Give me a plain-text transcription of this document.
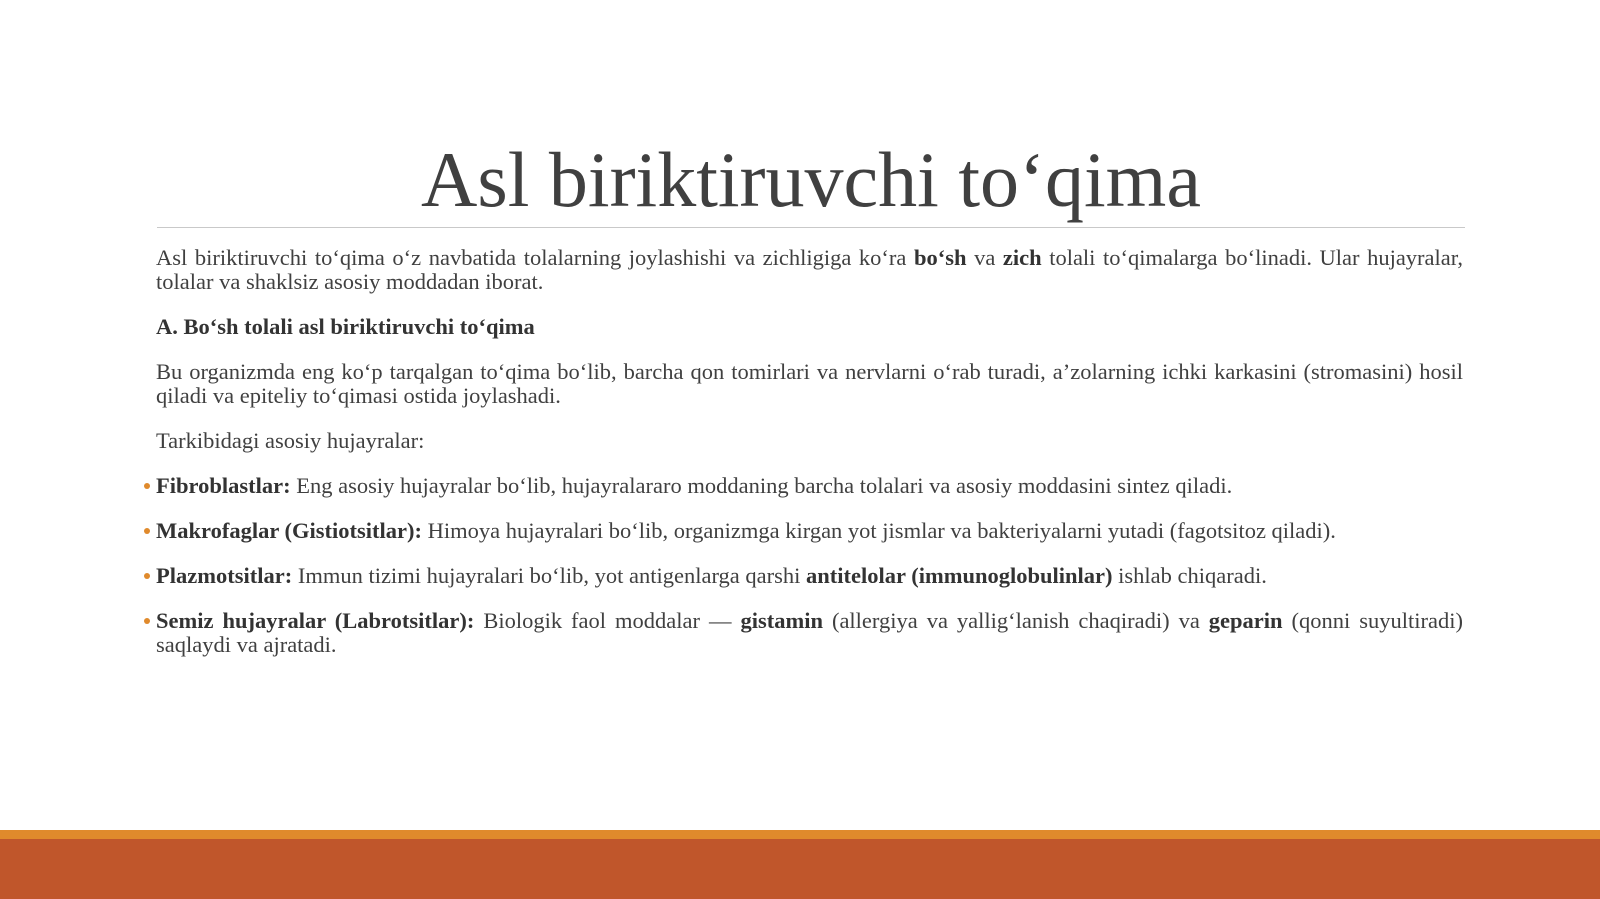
Asl biriktiruvchi to‘qima

Asl biriktiruvchi to‘qima o‘z navbatida tolalarning joylashishi va zichligiga ko‘ra bo‘sh va zich tolali to‘qimalarga bo‘linadi. Ular hujayralar, tolalar va shaklsiz asosiy moddadan iborat.

A. Bo‘sh tolali asl biriktiruvchi to‘qima

Bu organizmda eng ko‘p tarqalgan to‘qima bo‘lib, barcha qon tomirlari va nervlarni o‘rab turadi, a’zolarning ichki karkasini (stromasini) hosil qiladi va epiteliy to‘qimasi ostida joylashadi.

Tarkibidagi asosiy hujayralar:

Fibroblastlar: Eng asosiy hujayralar bo‘lib, hujayralararo moddaning barcha tolalari va asosiy moddasini sintez qiladi.

Makrofaglar (Gistiotsitlar): Himoya hujayralari bo‘lib, organizmga kirgan yot jismlar va bakteriyalarni yutadi (fagotsitoz qiladi).

Plazmotsitlar: Immun tizimi hujayralari bo‘lib, yot antigenlarga qarshi antitelolar (immunoglobulinlar) ishlab chiqaradi.

Semiz hujayralar (Labrotsitlar): Biologik faol moddalar — gistamin (allergiya va yallig‘lanish chaqiradi) va geparin (qonni suyultiradi) saqlaydi va ajratadi.
